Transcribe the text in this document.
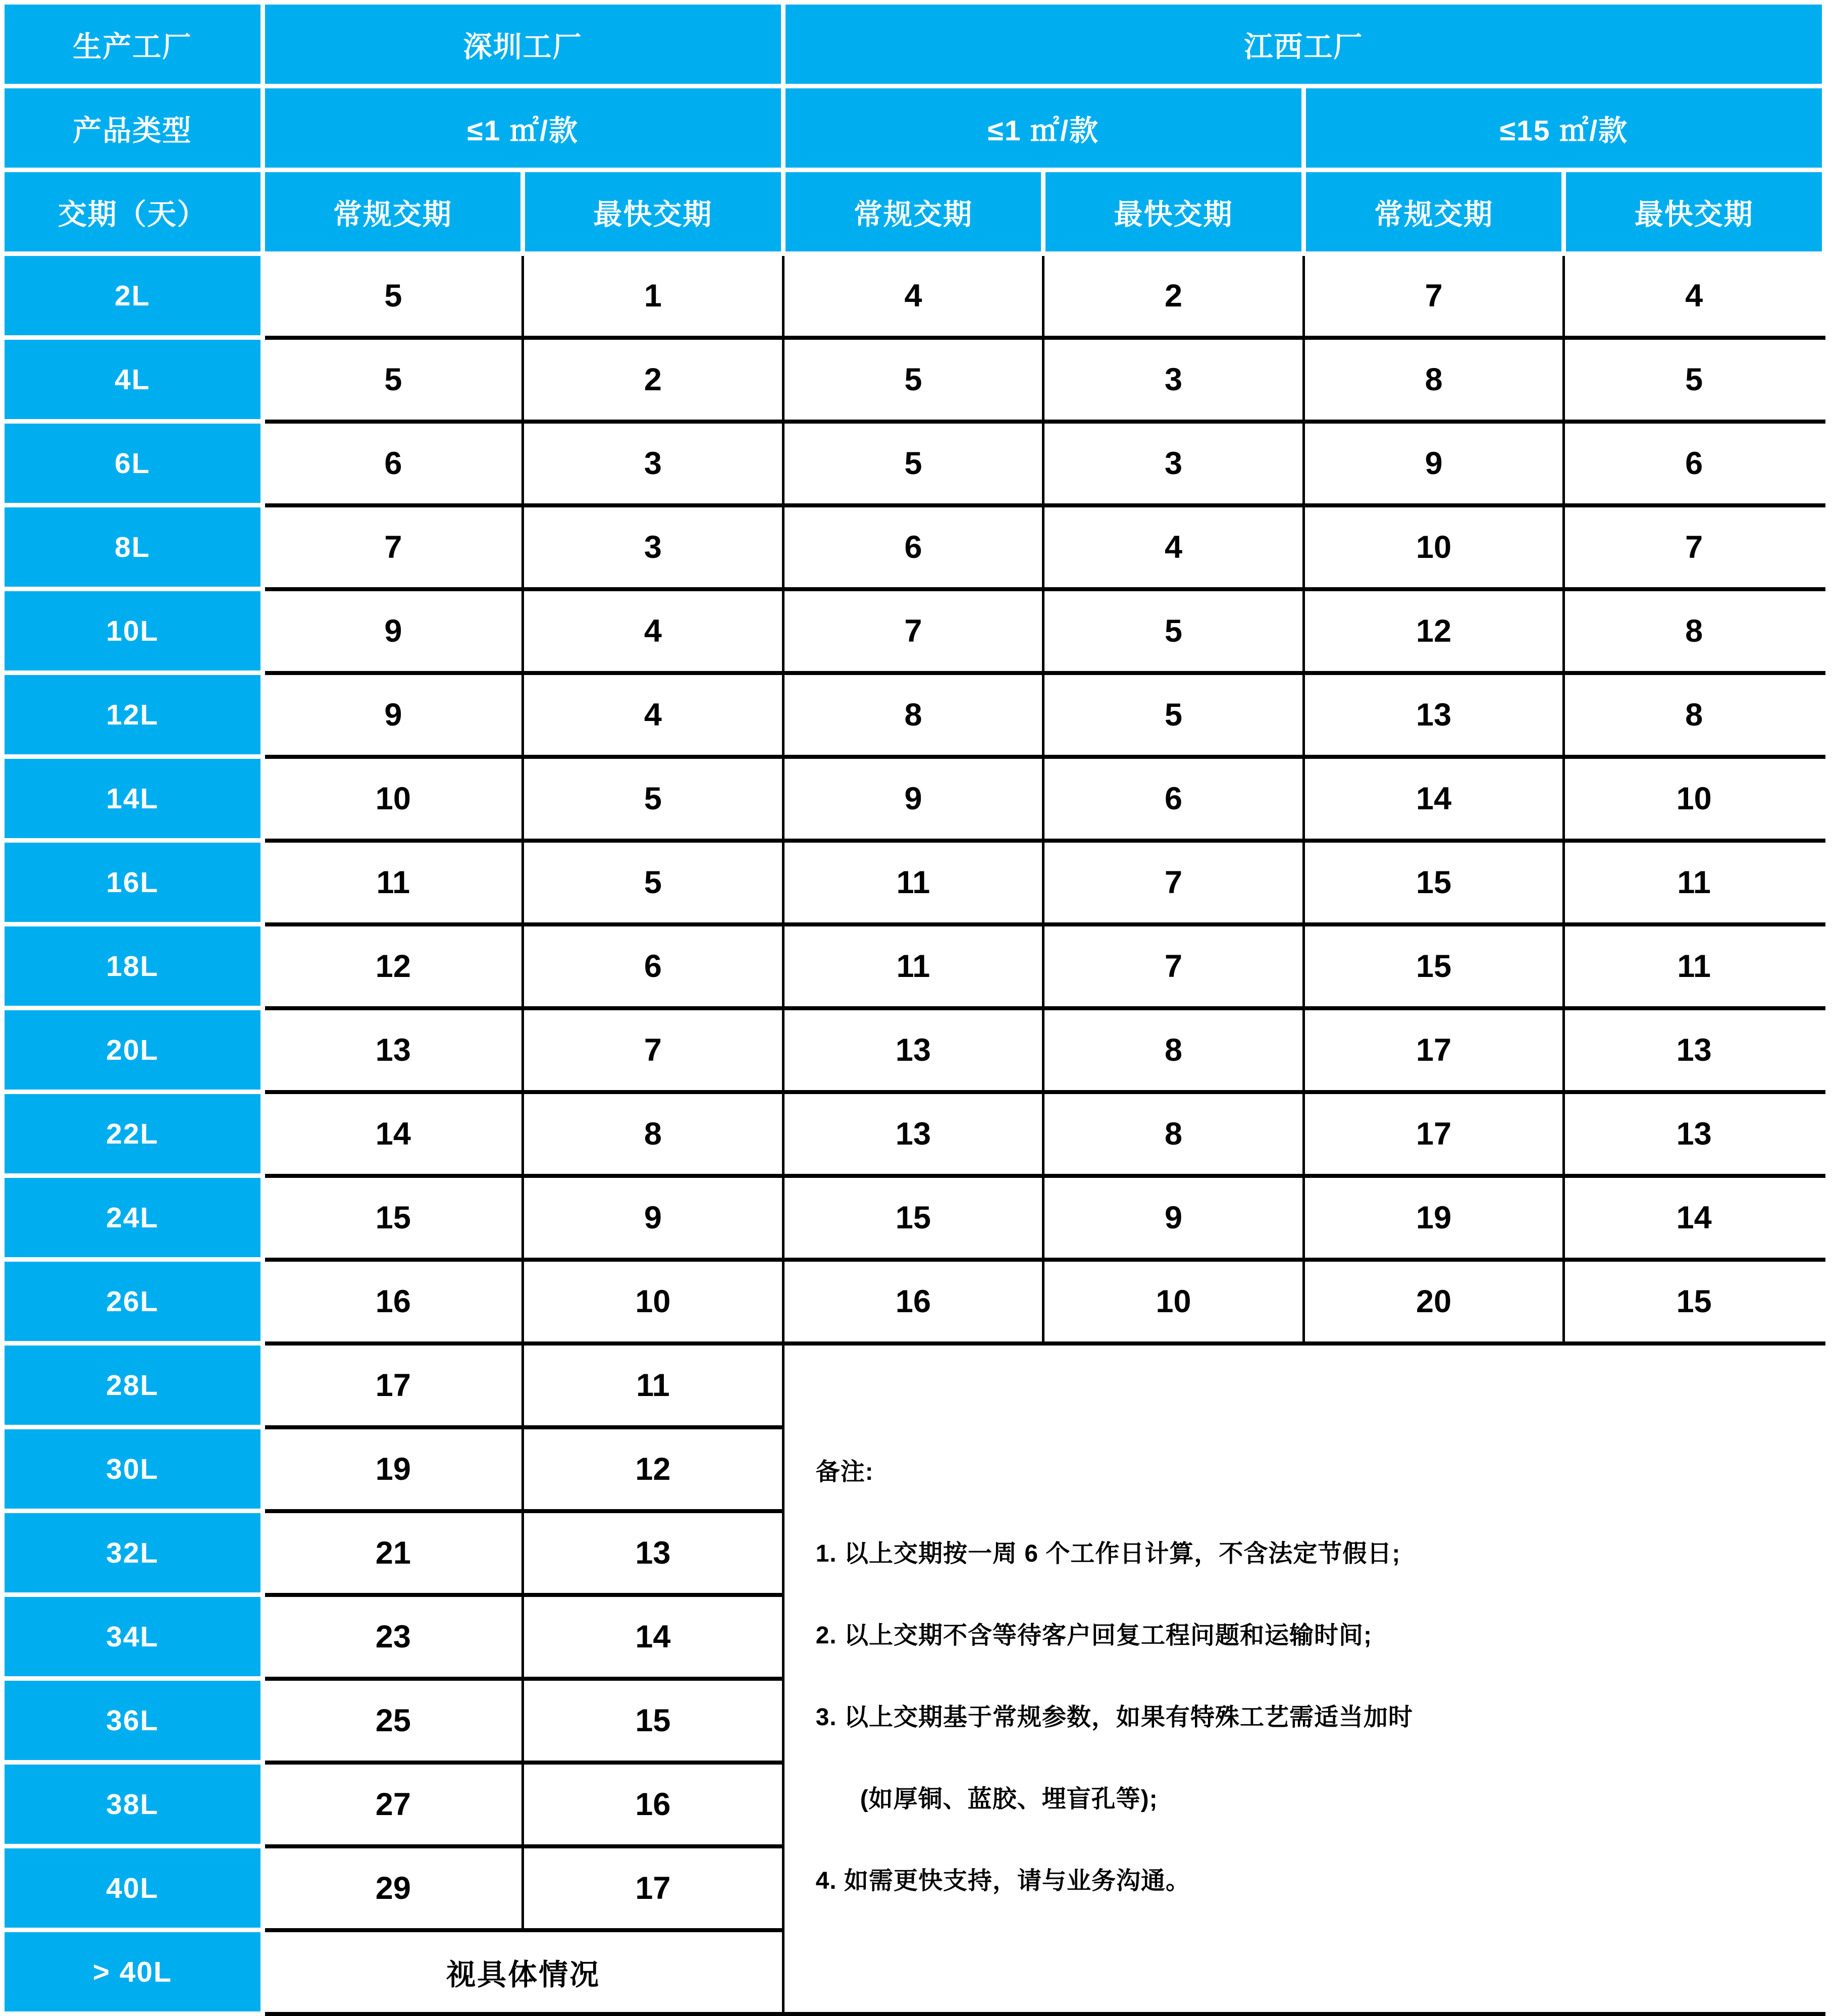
生产工厂	深圳工厂		江西工厂			
产品类型	≤1 ㎡/款		≤1 ㎡/款		≤15 ㎡/款	
交期（天）	常规交期	最快交期	常规交期	最快交期	常规交期	最快交期
2L	5	1	4	2	7	4
4L	5	2	5	3	8	5
6L	6	3	5	3	9	6
8L	7	3	6	4	10	7
10L	9	4	7	5	12	8
12L	9	4	8	5	13	8
14L	10	5	9	6	14	10
16L	11	5	11	7	15	11
18L	12	6	11	7	15	11
20L	13	7	13	8	17	13
22L	14	8	13	8	17	13
24L	15	9	15	9	19	14
26L	16	10	16	10	20	15
28L	17	11	
备注:
1. 以上交期按一周 6 个工作日计算，不含法定节假日;
2. 以上交期不含等待客户回复工程问题和运输时间;
3. 以上交期基于常规参数，如果有特殊工艺需适当加时
(如厚铜、蓝胶、埋盲孔等);
4. 如需更快支持，请与业务沟通。

30L	19	12				
32L	21	13				
34L	23	14				
36L	25	15				
38L	27	16				
40L	29	17				
> 40L	视具体情况					
